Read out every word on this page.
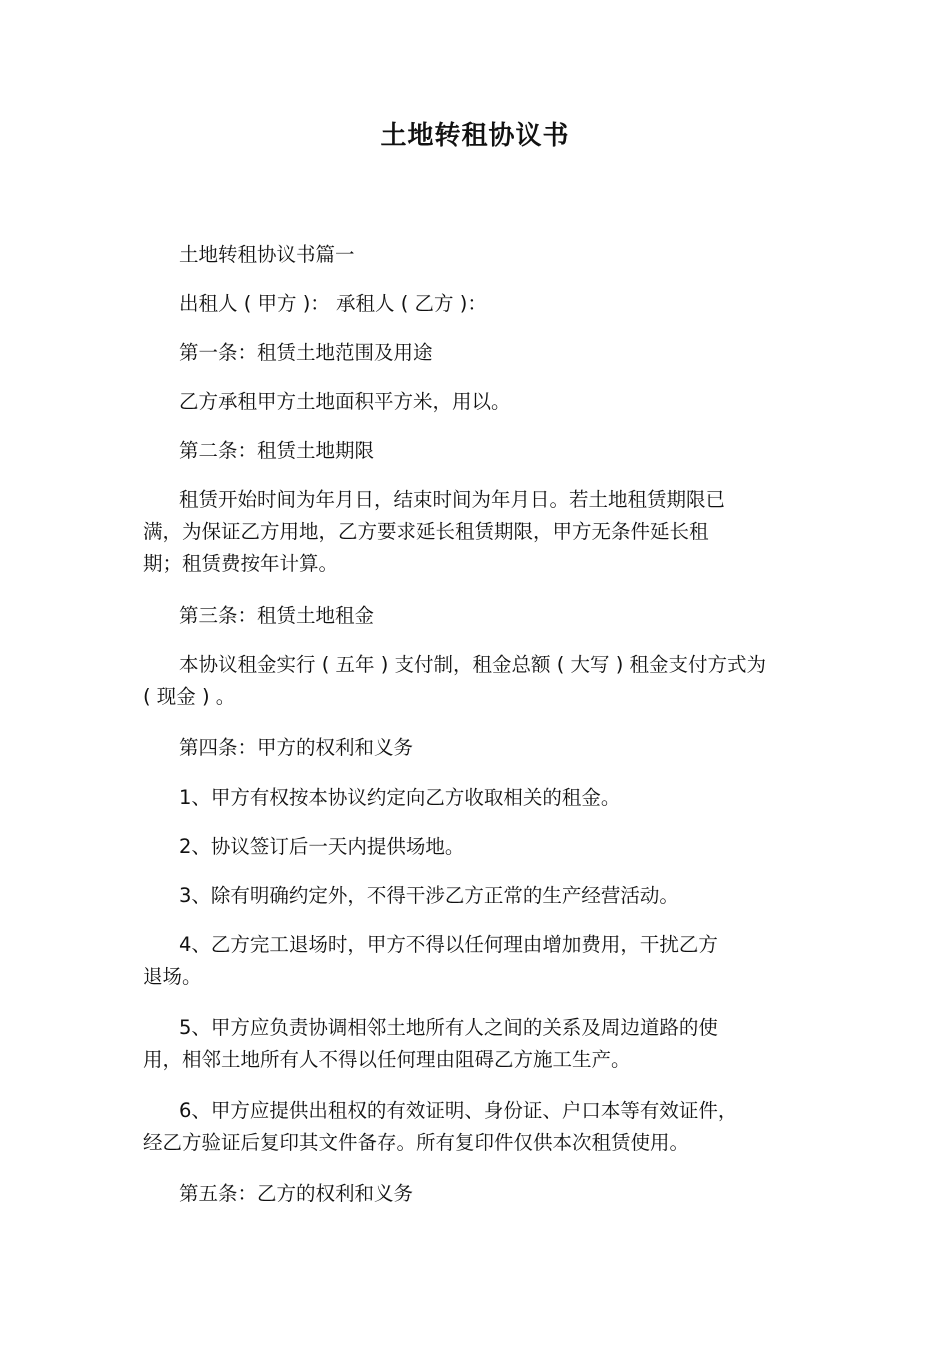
土地转租协议书

土地转租协议书篇一

出租人 ( 甲方 )： 承租人 ( 乙方 )：

第一条：租赁土地范围及用途

乙方承租甲方土地面积平方米，用以。

第二条：租赁土地期限

租赁开始时间为年月日，结束时间为年月日。若土地租赁期限已
满，为保证乙方用地，乙方要求延长租赁期限，甲方无条件延长租
期；租赁费按年计算。

第三条：租赁土地租金

本协议租金实行 ( 五年 ) 支付制，租金总额 ( 大写 ) 租金支付方式为
( 现金 ) 。

第四条：甲方的权利和义务

1、甲方有权按本协议约定向乙方收取相关的租金。

2、协议签订后一天内提供场地。

3、除有明确约定外，不得干涉乙方正常的生产经营活动。

4、乙方完工退场时，甲方不得以任何理由增加费用，干扰乙方
退场。

5、甲方应负责协调相邻土地所有人之间的关系及周边道路的使
用，相邻土地所有人不得以任何理由阻碍乙方施工生产。

6、甲方应提供出租权的有效证明、身份证、户口本等有效证件，
经乙方验证后复印其文件备存。所有复印件仅供本次租赁使用。

第五条：乙方的权利和义务
